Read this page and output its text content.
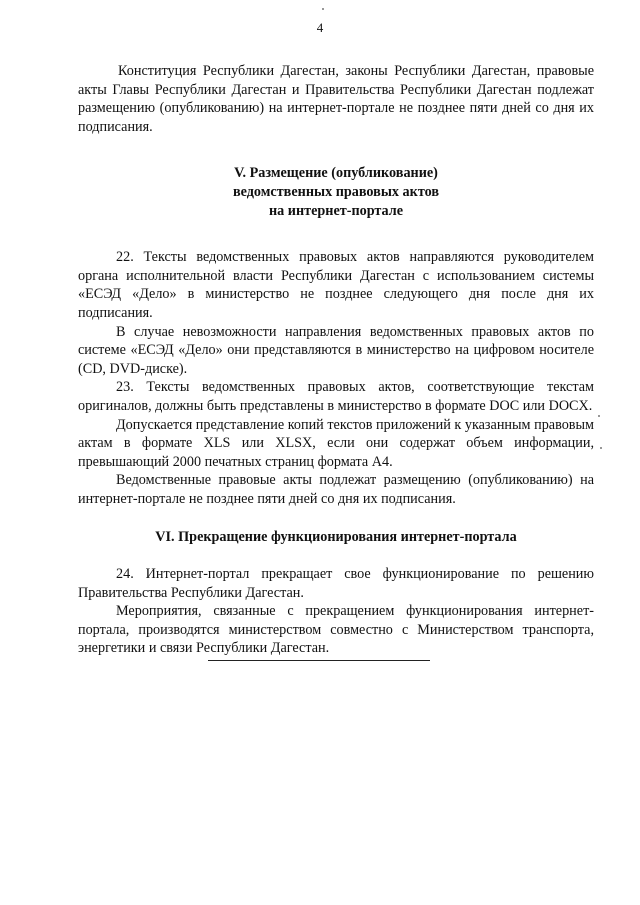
4

Конституция Республики Дагестан, законы Республики Дагестан, правовые акты Главы Республики Дагестан и Правительства Республики Дагестан подлежат размещению (опубликованию) на интернет-портале не позднее пяти дней со дня их подписания.

V. Размещение (опубликование)
ведомственных правовых актов
на интернет-портале

22. Тексты ведомственных правовых актов направляются руководителем органа исполнительной власти Республики Дагестан с использованием системы «ЕСЭД «Дело» в министерство не позднее следующего дня после дня их подписания.

В случае невозможности направления ведомственных правовых актов по системе «ЕСЭД «Дело» они представляются в министерство на цифровом носителе (CD, DVD-диске).

23. Тексты ведомственных правовых актов, соответствующие текстам оригиналов, должны быть представлены в министерство в формате DOC или DOCX.

Допускается представление копий текстов приложений к указанным правовым актам в формате XLS или XLSX, если они содержат объем информации, превышающий 2000 печатных страниц формата А4.

Ведомственные правовые акты подлежат размещению (опубликованию) на интернет-портале не позднее пяти дней со дня их подписания.

VI. Прекращение функционирования интернет-портала

24. Интернет-портал прекращает свое функционирование по решению Правительства Республики Дагестан.

Мероприятия, связанные с прекращением функционирования интернет-портала, производятся министерством совместно с Министерством транспорта, энергетики и связи Республики Дагестан.
